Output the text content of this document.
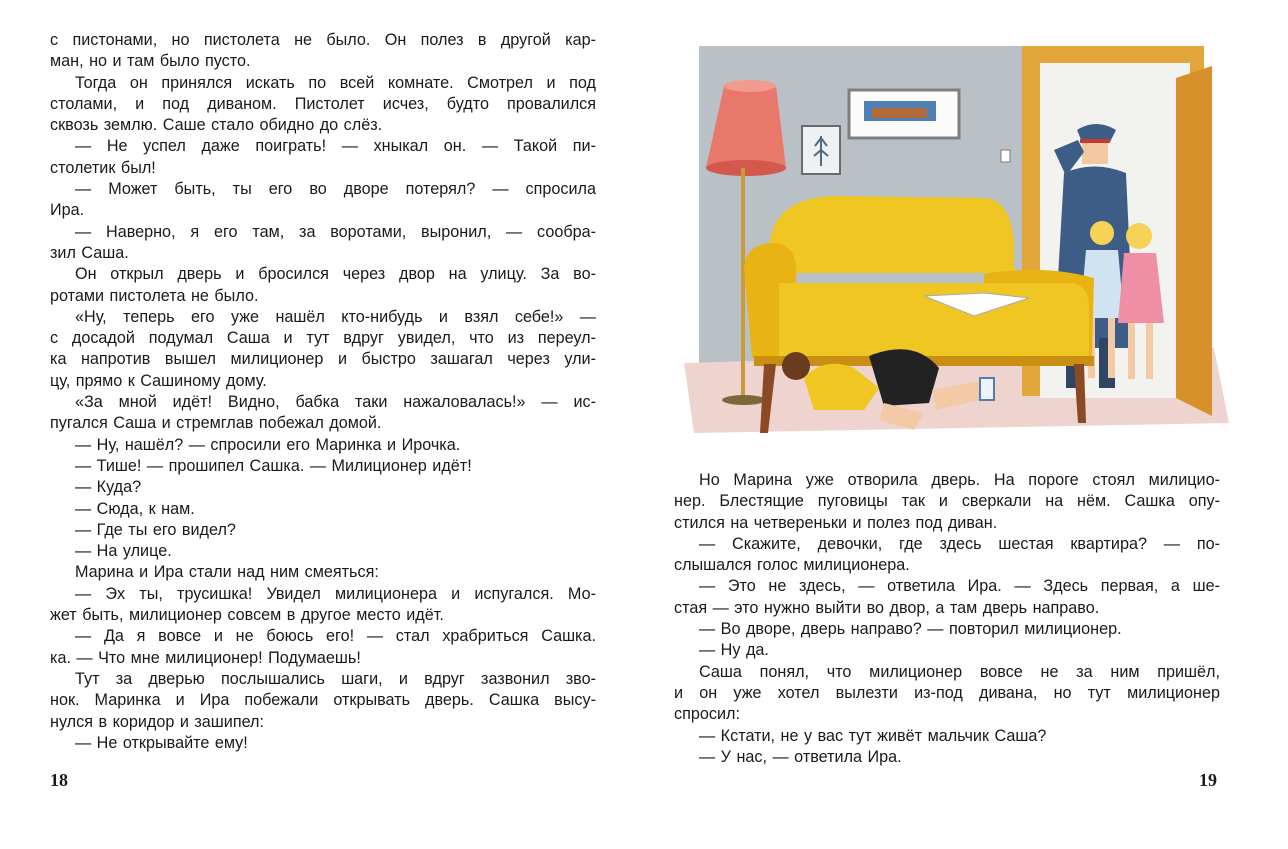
с пистонами, но пистолета не было. Он полез в другой кар-
ман, но и там было пусто.
Тогда он принялся искать по всей комнате. Смотрел и под
столами, и под диваном. Пистолет исчез, будто провалился
сквозь землю. Саше стало обидно до слёз.
— Не успел даже поиграть! — хныкал он. — Такой пи-
столетик был!
— Может быть, ты его во дворе потерял? — спросила
Ира.
— Наверно, я его там, за воротами, выронил, — сообра-
зил Саша.
Он открыл дверь и бросился через двор на улицу. За во-
ротами пистолета не было.
«Ну, теперь его уже нашёл кто-нибудь и взял себе!» —
с досадой подумал Саша и тут вдруг увидел, что из переул-
ка напротив вышел милиционер и быстро зашагал через ули-
цу, прямо к Сашиному дому.
«За мной идёт! Видно, бабка таки нажаловалась!» — ис-
пугался Саша и стремглав побежал домой.
— Ну, нашёл? — спросили его Маринка и Ирочка.
— Тише! — прошипел Сашка. — Милиционер идёт!
— Куда?
— Сюда, к нам.
— Где ты его видел?
— На улице.
Марина и Ира стали над ним смеяться:
— Эх ты, трусишка! Увидел милиционера и испугался. Мо-
жет быть, милиционер совсем в другое место идёт.
— Да я вовсе и не боюсь его! — стал храбриться Сашка.
ка. — Что мне милиционер! Подумаешь!
Тут за дверью послышались шаги, и вдруг зазвонил зво-
нок. Маринка и Ира побежали открывать дверь. Сашка высу-
нулся в коридор и зашипел:
— Не открывайте ему!
18
Но Марина уже отворила дверь. На пороге стоял милицио-
нер. Блестящие пуговицы так и сверкали на нём. Сашка опу-
стился на четвереньки и полез под диван.
— Скажите, девочки, где здесь шестая квартира? — по-
слышался голос милиционера.
— Это не здесь, — ответила Ира. — Здесь первая, а ше-
стая — это нужно выйти во двор, а там дверь направо.
— Во дворе, дверь направо? — повторил милиционер.
— Ну да.
Саша понял, что милиционер вовсе не за ним пришёл,
и он уже хотел вылезти из-под дивана, но тут милиционер
спросил:
— Кстати, не у вас тут живёт мальчик Саша?
— У нас, — ответила Ира.
19
